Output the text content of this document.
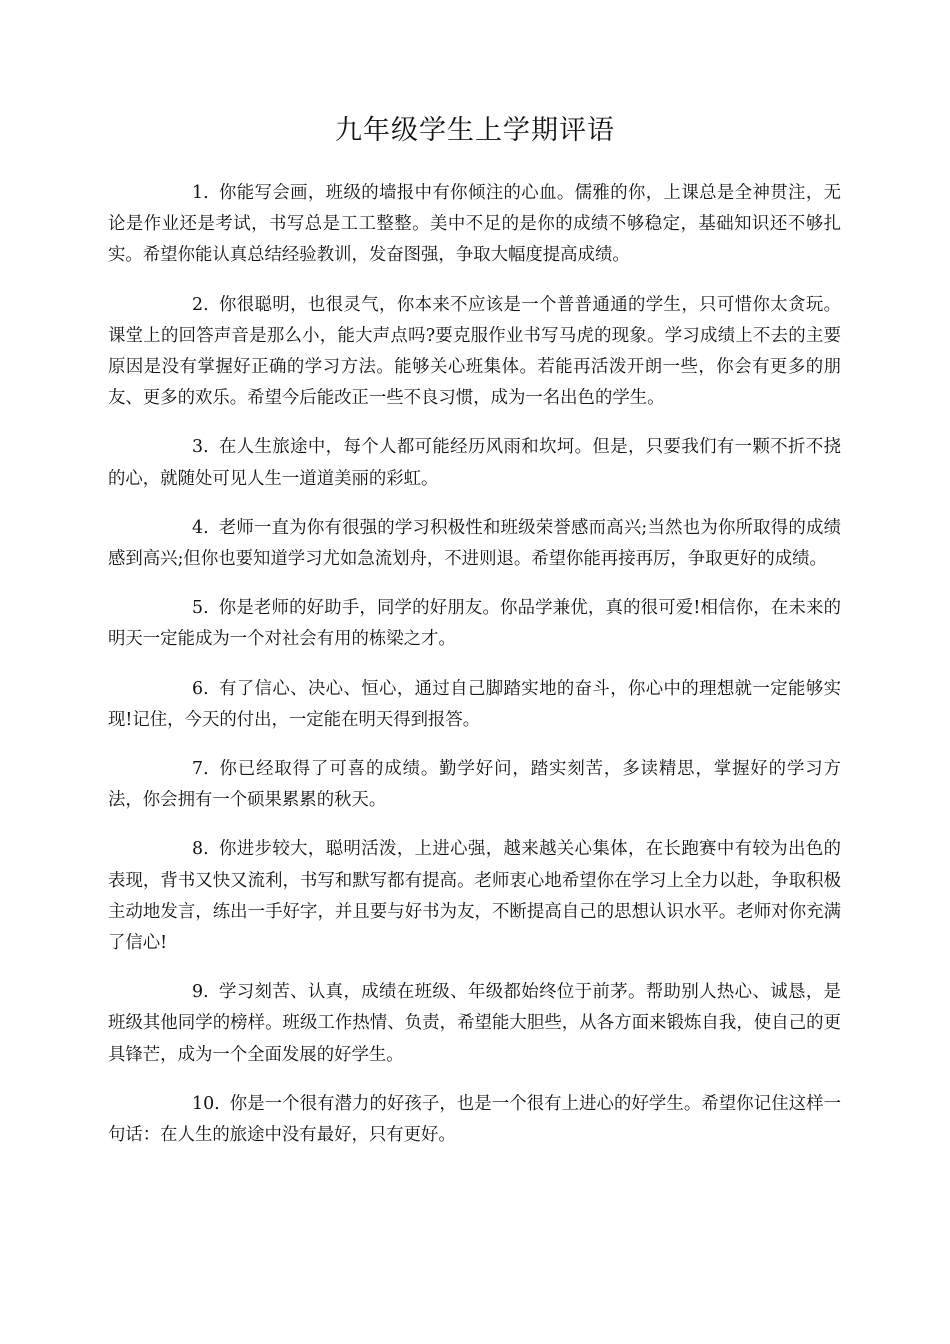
九年级学生上学期评语

1. 你能写会画，班级的墙报中有你倾注的心血。儒雅的你，上课总是全神贯注，无论是作业还是考试，书写总是工工整整。美中不足的是你的成绩不够稳定，基础知识还不够扎实。希望你能认真总结经验教训，发奋图强，争取大幅度提高成绩。

2. 你很聪明，也很灵气，你本来不应该是一个普普通通的学生，只可惜你太贪玩。课堂上的回答声音是那么小，能大声点吗?要克服作业书写马虎的现象。学习成绩上不去的主要原因是没有掌握好正确的学习方法。能够关心班集体。若能再活泼开朗一些，你会有更多的朋友、更多的欢乐。希望今后能改正一些不良习惯，成为一名出色的学生。

3. 在人生旅途中，每个人都可能经历风雨和坎坷。但是，只要我们有一颗不折不挠的心，就随处可见人生一道道美丽的彩虹。

4. 老师一直为你有很强的学习积极性和班级荣誉感而高兴;当然也为你所取得的成绩感到高兴;但你也要知道学习尤如急流划舟，不进则退。希望你能再接再厉，争取更好的成绩。

5. 你是老师的好助手，同学的好朋友。你品学兼优，真的很可爱!相信你，在未来的明天一定能成为一个对社会有用的栋梁之才。

6. 有了信心、决心、恒心，通过自己脚踏实地的奋斗，你心中的理想就一定能够实现!记住，今天的付出，一定能在明天得到报答。

7. 你已经取得了可喜的成绩。勤学好问，踏实刻苦，多读精思，掌握好的学习方法，你会拥有一个硕果累累的秋天。

8. 你进步较大，聪明活泼，上进心强，越来越关心集体，在长跑赛中有较为出色的表现，背书又快又流利，书写和默写都有提高。老师衷心地希望你在学习上全力以赴，争取积极主动地发言，练出一手好字，并且要与好书为友，不断提高自己的思想认识水平。老师对你充满了信心!

9. 学习刻苦、认真，成绩在班级、年级都始终位于前茅。帮助别人热心、诚恳，是班级其他同学的榜样。班级工作热情、负责，希望能大胆些，从各方面来锻炼自我，使自己的更具锋芒，成为一个全面发展的好学生。

10. 你是一个很有潜力的好孩子，也是一个很有上进心的好学生。希望你记住这样一句话：在人生的旅途中没有最好，只有更好。
